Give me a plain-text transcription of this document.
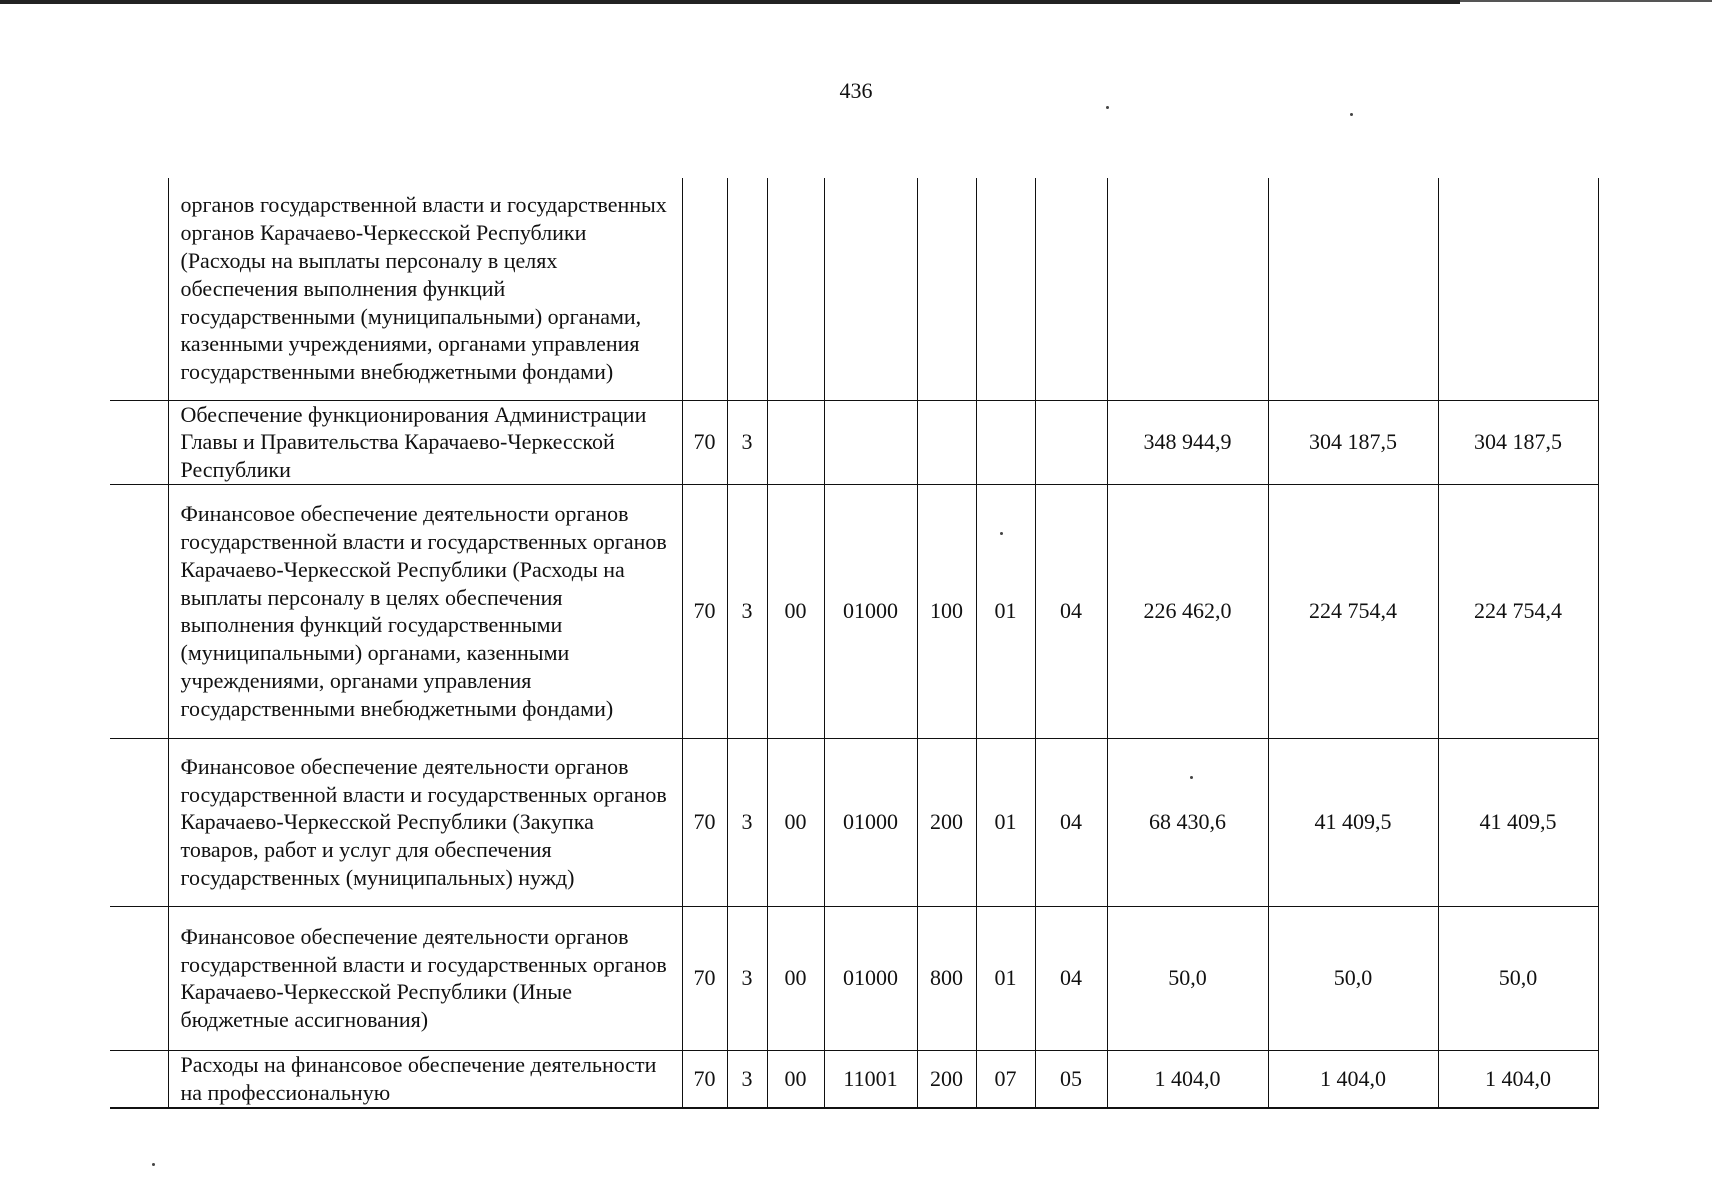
436
	органов государственной власти и государственных органов Карачаево-Черкесской Республики (Расходы на выплаты персоналу в целях обеспечения выполнения функций государственными (муниципальными) органами, казенными учреждениями, органами управления государственными внебюджетными фондами)										
	Обеспечение функционирования Администрации Главы и Правительства Карачаево-Черкесской Республики	70	3						348 944,9	304 187,5	304 187,5
	Финансовое обеспечение деятельности органов государственной власти и государственных органов Карачаево-Черкесской Республики (Расходы на выплаты персоналу в целях обеспечения выполнения функций государственными (муниципальными) органами, казенными учреждениями, органами управления государственными внебюджетными фондами)	70	3	00	01000	100	01	04	226 462,0	224 754,4	224 754,4
	Финансовое обеспечение деятельности органов государственной власти и государственных органов Карачаево-Черкесской Республики (Закупка товаров, работ и услуг для обеспечения государственных (муниципальных) нужд)	70	3	00	01000	200	01	04	68 430,6	41 409,5	41 409,5
	Финансовое обеспечение деятельности органов государственной власти и государственных органов Карачаево-Черкесской Республики (Иные бюджетные ассигнования)	70	3	00	01000	800	01	04	50,0	50,0	50,0
	Расходы на финансовое обеспечение деятельности на профессиональную	70	3	00	11001	200	07	05	1 404,0	1 404,0	1 404,0
